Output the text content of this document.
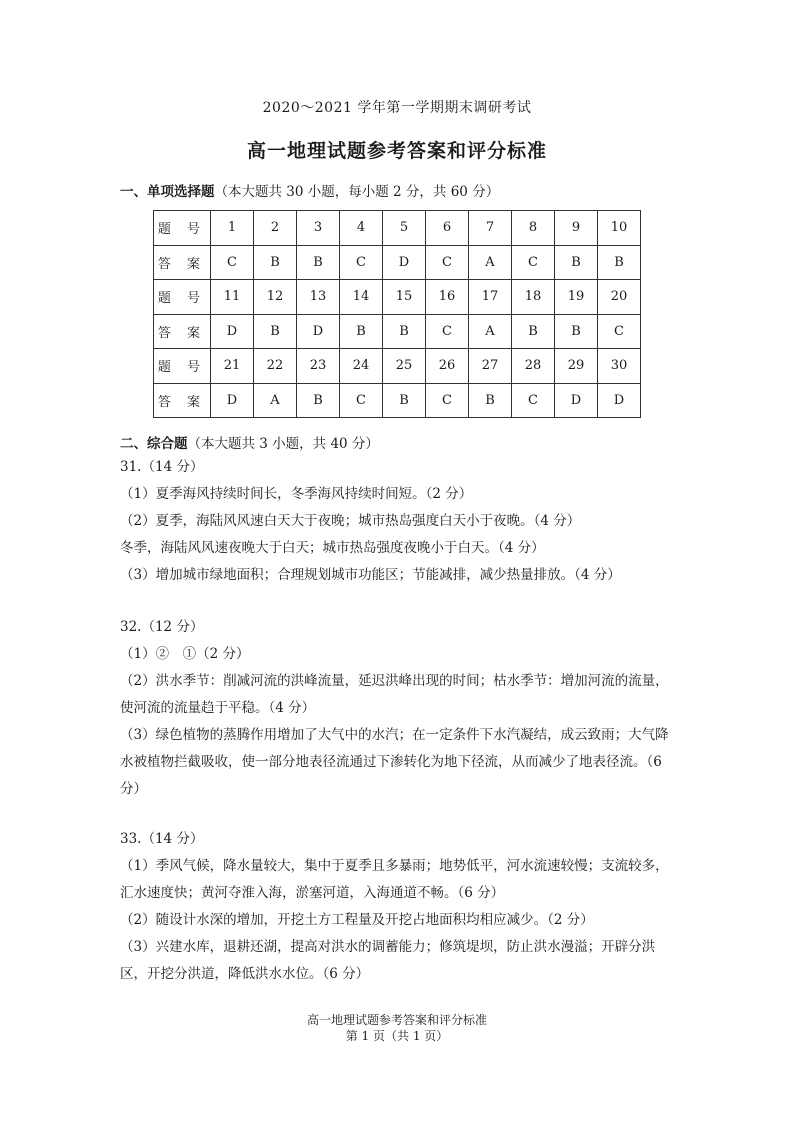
2020～2021 学年第一学期期末调研考试
高一地理试题参考答案和评分标准
一、单项选择题（本大题共 30 小题，每小题 2 分，共 60 分）
题 号	1	2	3	4	5	6	7	8	9	10
答 案	C	B	B	C	D	C	A	C	B	B
题 号	11	12	13	14	15	16	17	18	19	20
答 案	D	B	D	B	B	C	A	B	B	C
题 号	21	22	23	24	25	26	27	28	29	30
答 案	D	A	B	C	B	C	B	C	D	D
二、综合题（本大题共 3 小题，共 40 分）

31.（14 分）

（1）夏季海风持续时间长，冬季海风持续时间短。（2 分）

（2）夏季，海陆风风速白天大于夜晚；城市热岛强度白天小于夜晚。（4 分）

冬季，海陆风风速夜晚大于白天；城市热岛强度夜晚小于白天。（4 分）

（3）增加城市绿地面积；合理规划城市功能区；节能减排，减少热量排放。（4 分）

32.（12 分）

（1）②　①（2 分）

（2）洪水季节：削减河流的洪峰流量，延迟洪峰出现的时间；枯水季节：增加河流的流量，使河流的流量趋于平稳。（4 分）

（3）绿色植物的蒸腾作用增加了大气中的水汽；在一定条件下水汽凝结，成云致雨；大气降水被植物拦截吸收，使一部分地表径流通过下渗转化为地下径流，从而减少了地表径流。（6 分）

33.（14 分）

（1）季风气候，降水量较大，集中于夏季且多暴雨；地势低平，河水流速较慢；支流较多，汇水速度快；黄河夺淮入海，淤塞河道，入海通道不畅。（6 分）

（2）随设计水深的增加，开挖土方工程量及开挖占地面积均相应减少。（2 分）

（3）兴建水库，退耕还湖，提高对洪水的调蓄能力；修筑堤坝，防止洪水漫溢；开辟分洪区，开挖分洪道，降低洪水水位。（6 分）

高一地理试题参考答案和评分标准
第 1 页（共 1 页）
